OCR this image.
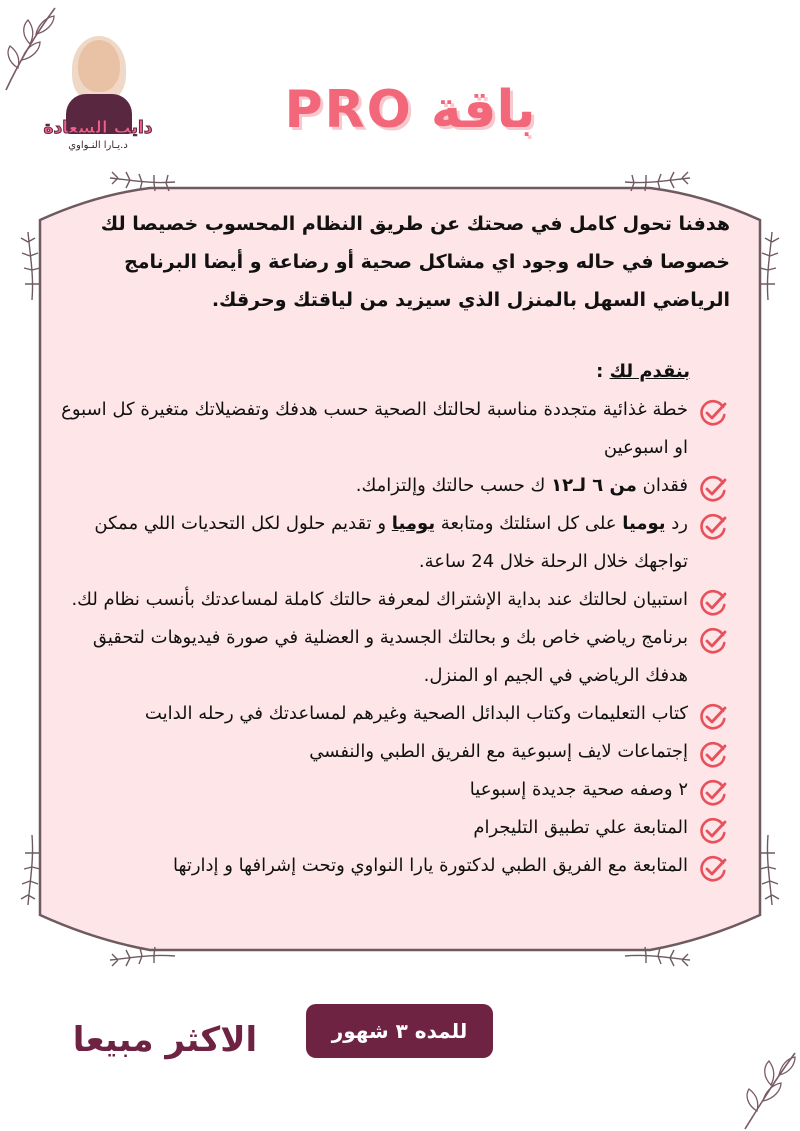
دايت السعادة
د.يـارا النـواوي
باقة PRO

هدفنا تحول كامل في صحتك عن طريق النظام المحسوب خصيصا لك خصوصا في حاله وجود اي مشاكل صحية أو رضاعة و أيضا البرنامج الرياضي السهل بالمنزل الذي سيزيد من لياقتك وحرقك.

بنقدم لك :
خطة غذائية متجددة مناسبة لحالتك الصحية حسب هدفك وتفضيلاتك متغيرة كل اسبوع او اسبوعين
فقدان من ٦ لـ١٢ ك حسب حالتك وإلتزامك.
رد يوميا على كل اسئلتك ومتابعة يوميا و تقديم حلول لكل التحديات اللي ممكن تواجهك خلال الرحلة خلال 24 ساعة.
استبيان لحالتك عند بداية الإشتراك لمعرفة حالتك كاملة لمساعدتك بأنسب نظام لك.
برنامج رياضي خاص بك و بحالتك الجسدية و العضلية في صورة فيديوهات لتحقيق هدفك الرياضي في الجيم او المنزل.
كتاب التعليمات وكتاب البدائل الصحية وغيرهم لمساعدتك في رحله الدايت
إجتماعات لايف إسبوعية مع الفريق الطبي والنفسي
٢ وصفه صحية جديدة إسبوعيا
المتابعة علي تطبيق التليجرام
المتابعة مع الفريق الطبي لدكتورة يارا النواوي وتحت إشرافها و إدارتها
الاكثر مبيعا	للمده ٣ شهور
